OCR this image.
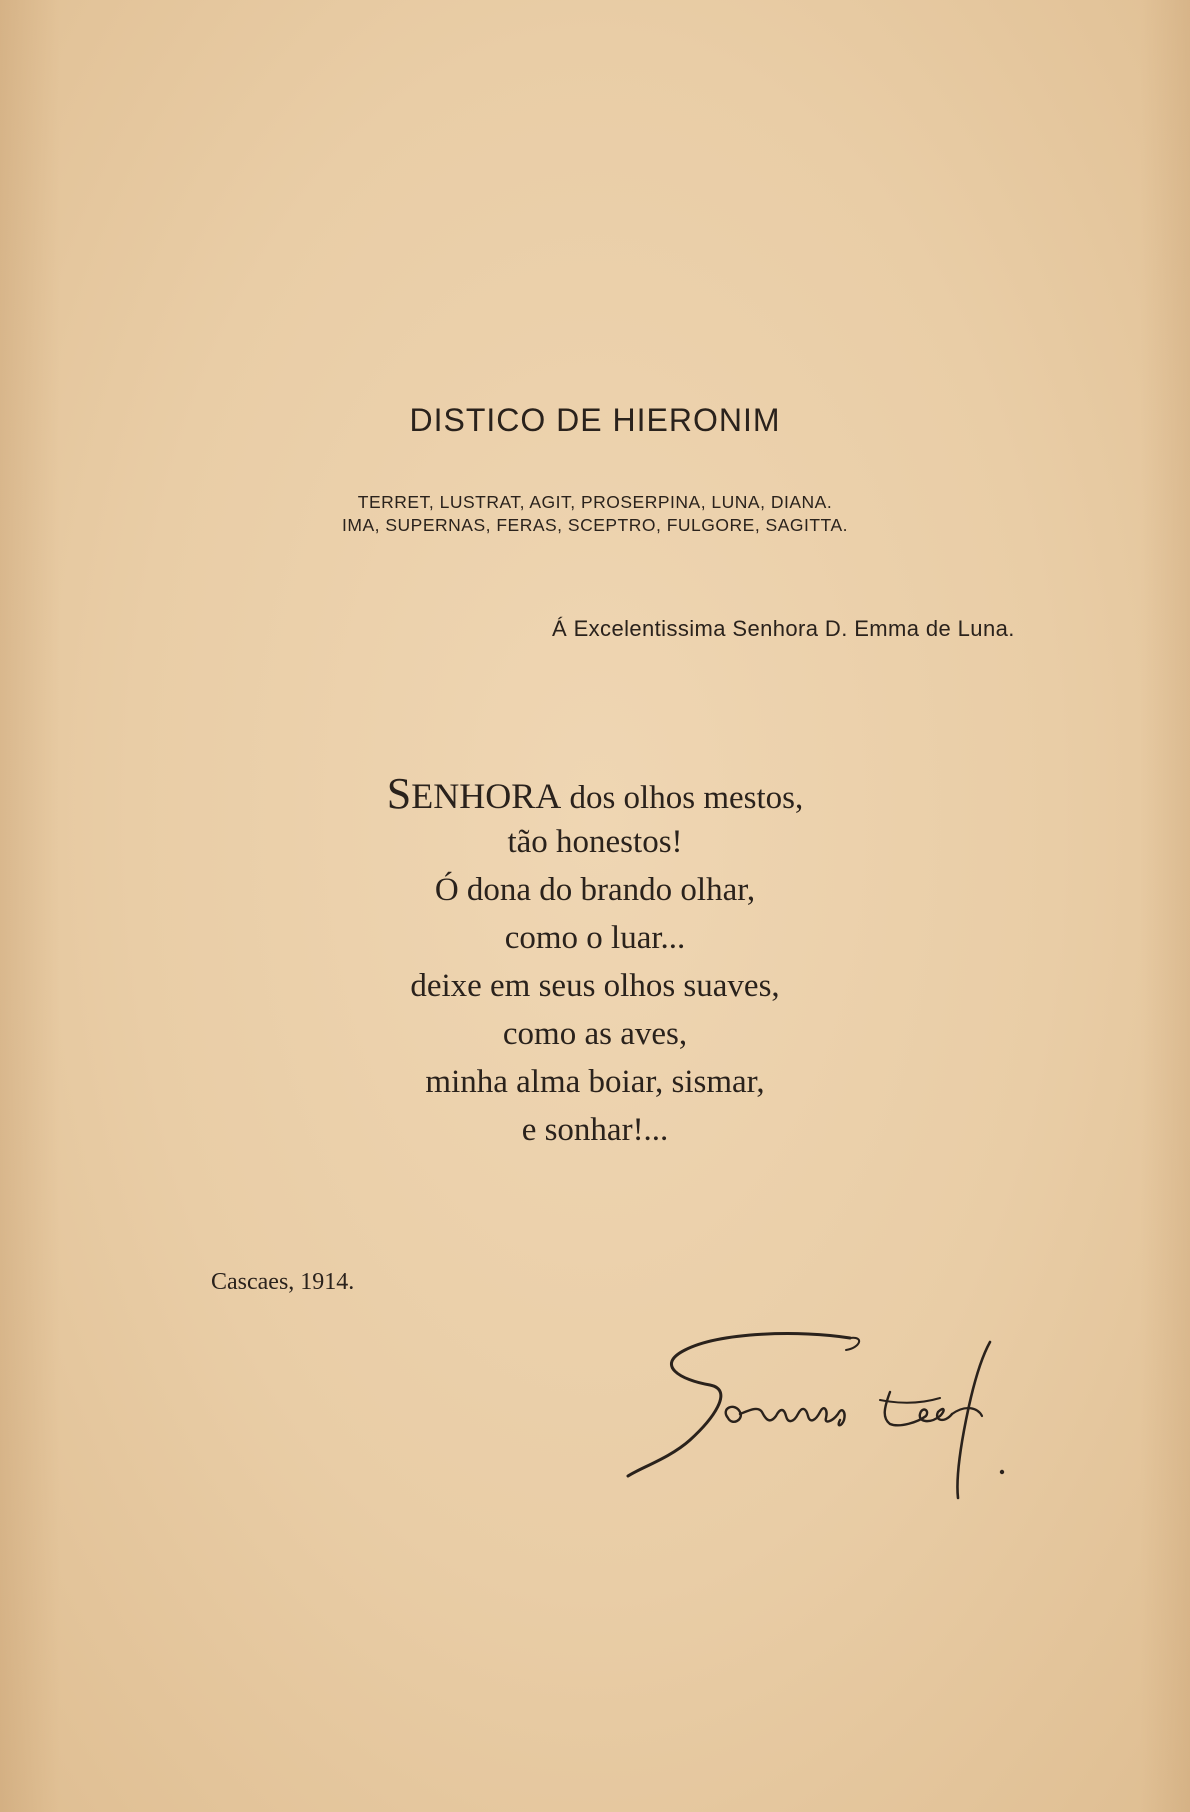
DISTICO DE HIERONIM
TERRET, LUSTRAT, AGIT, PROSERPINA, LUNA, DIANA.
IMA, SUPERNAS, FERAS, SCEPTRO, FULGORE, SAGITTA.
Á Excelentissima Senhora D. Emma de Luna.
SENHORA dos olhos mestos,
tão honestos!
Ó dona do brando olhar,
como o luar...
deixe em seus olhos suaves,
como as aves,
minha alma boiar, sismar,
e sonhar!...
Cascaes, 1914.
